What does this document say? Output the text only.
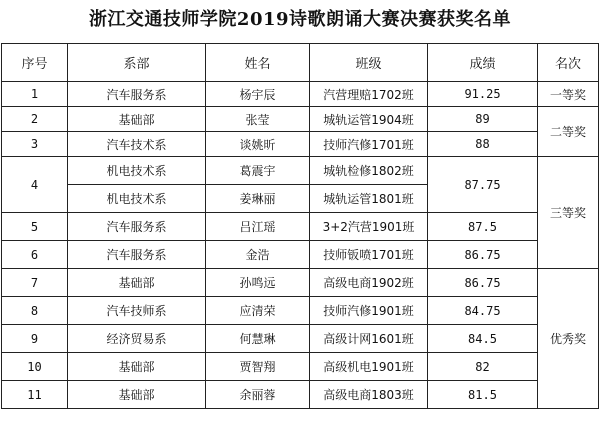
浙江交通技师学院2019诗歌朗诵大赛决赛获奖名单
序号	系部	姓名	班级	成绩	名次
1	汽车服务系	杨宇辰	汽营理赔1702班	91.25	一等奖
2	基础部	张莹	城轨运管1904班	89	二等奖
3	汽车技术系	谈姚昕	技师汽修1701班	88	
4	机电技术系	葛震宇	城轨检修1802班	87.75	三等奖
	机电技术系	姜琳丽	城轨运管1801班		
5	汽车服务系	吕江瑶	3+2汽营1901班	87.5	
6	汽车服务系	金浩	技师钣喷1701班	86.75	
7	基础部	孙鸣远	高级电商1902班	86.75	优秀奖
8	汽车技师系	应清荣	技师汽修1901班	84.75	
9	经济贸易系	何慧琳	高级计网1601班	84.5	
10	基础部	贾智翔	高级机电1901班	82	
11	基础部	余丽蓉	高级电商1803班	81.5	
